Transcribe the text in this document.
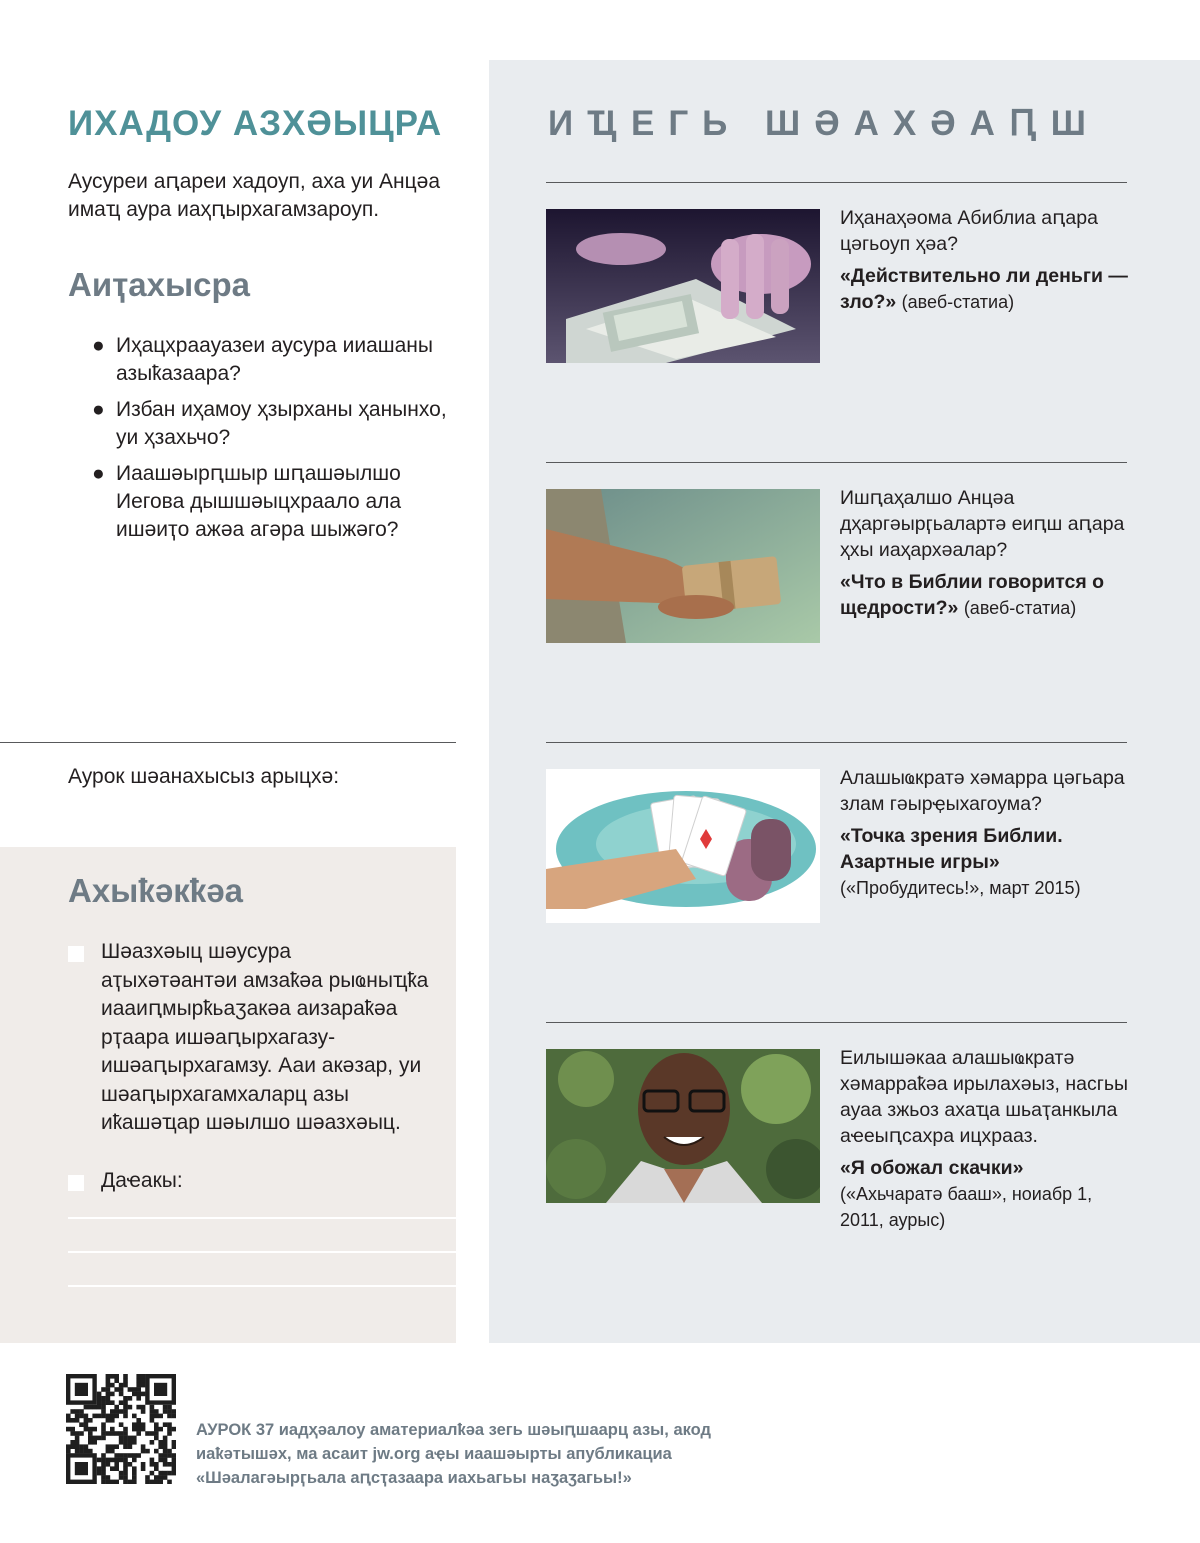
ИХАДОУ АЗХӘЫЦРА

Аусуреи аԥареи хадоуп, аха уи Анцәа имаҵ аура иаҳԥырхагамзароуп.

Аиҭахысра
● Иҳацхраауазеи аусура ииашаны азыҟазаара?
● Избан иҳамоу ҳзырханы ҳанынхо, уи ҳзахьчо?
● Иаашәырԥшыр шԥашәылшо Иегова дышшәыцхраало ала ишәиҭо ажәа агәра шыжәго?

Аурок шәанахысыз арыцхә:

Ахыҟәкҟәа
Шәазхәыц шәусура аҭыхәтәантәи амзаҟәа рыҩныҵҟа иааиԥмырҟьаӡакәа аизараҟәа рҭаара ишәаԥырхагазу-ишәаԥырхагамзу. Ааи акәзар, уи шәаԥырхагамхаларц азы иҟашәҵар шәылшо шәазхәыц.
Даҽакы:
ИҴЕГЬ ШӘАХӘАԤШ

Иҳанаҳәома Абиблиа аԥара цәгьоуп ҳәа?

«Действительно ли деньги — зло?» (авеб-статиа)

Ишԥаҳалшо Анцәа дҳаргәырӷьалартә еиԥш аԥара ҳхы иаҳархәалар?

«Что в Библии говорится о щедрости?» (авеб-статиа)

Алашыҩкратә хәмарра цәгьара злам гәырҿыхагоума?

«Точка зрения Библии. Азартные игры»
(«Пробудитесь!», март 2015)

Еилышәкаа алашыҩкратә хәмарраҟәа ирылахәыз, насгьы ауаа зжьоз ахаҵа шьаҭанкыла аҽеыԥсахра ицхрааз.

«Я обожал скачки»
(«Ахьчаратә бааш», ноиабр 1, 2011, аурыс)

АУРОК 37 иадҳәалоу аматериалҟәа зегь шәыԥшаарц азы, акод иаҟәтышәх, ма асаит jw.org аҿы иаашәырты апубликациа «Шәалагәырӷьала аԥсҭазаара иахьагьы наӡаӡагьы!»
